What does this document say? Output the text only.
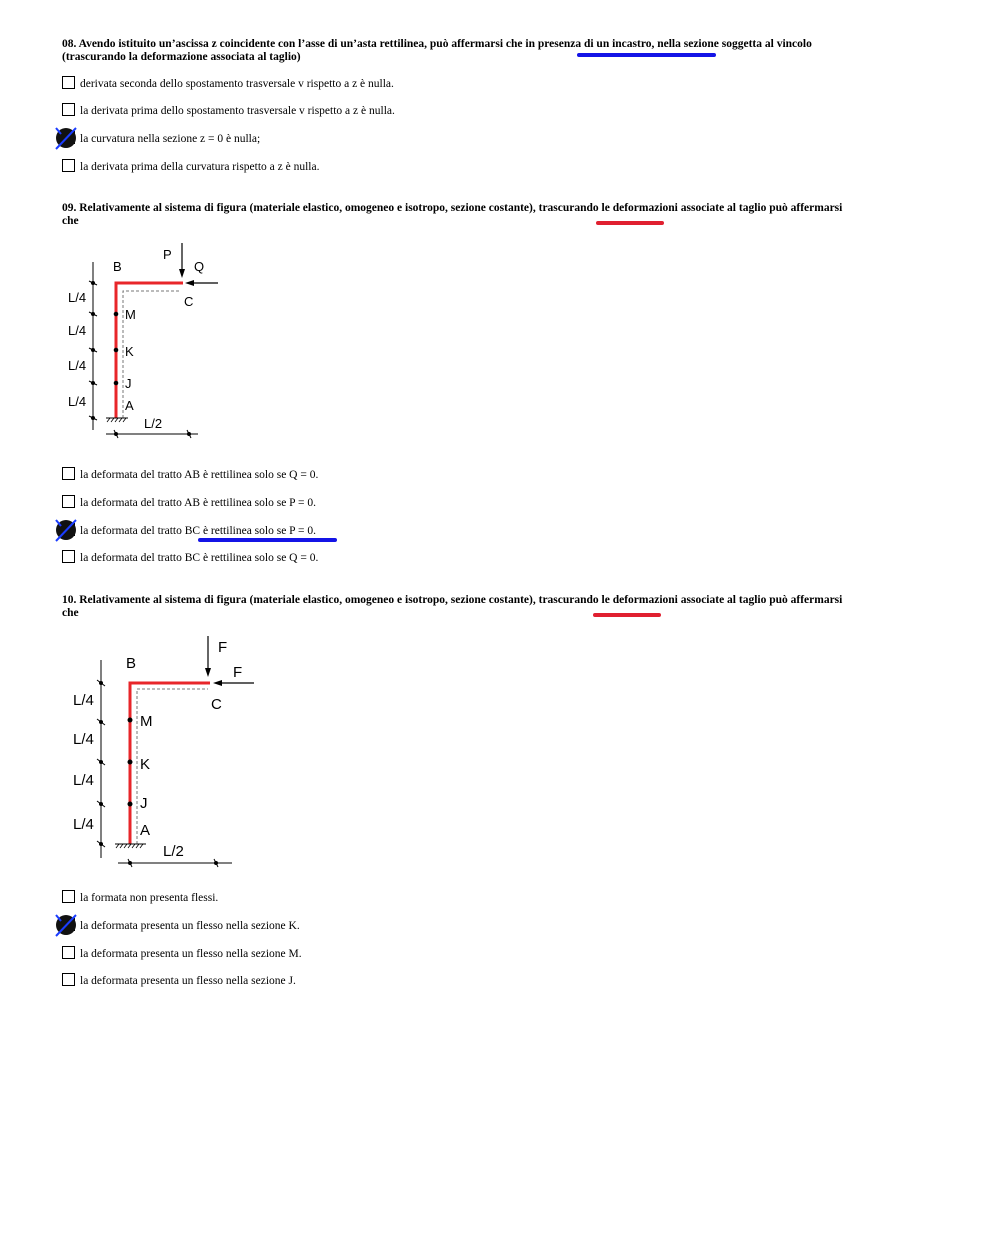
08. Avendo istituito un’ascissa z coincidente con l’asse di un’asta rettilinea, può affermarsi che in presenza di un incastro, nella sezione soggetta al vincolo
(trascurando la deformazione associata al taglio)
derivata seconda dello spostamento trasversale v rispetto a z è nulla.
la derivata prima dello spostamento trasversale v rispetto a z è nulla.
la curvatura nella sezione z = 0 è nulla;
la derivata prima della curvatura rispetto a z è nulla.
09. Relativamente al sistema di figura (materiale elastico, omogeneo e isotropo, sezione costante), trascurando le deformazioni associate al taglio può affermarsi
che
B
P
Q
C
M
K
J
A
L/4
L/4
L/4
L/4
L/2
la deformata del tratto AB è rettilinea solo se Q = 0.
la deformata del tratto AB è rettilinea solo se P = 0.
la deformata del tratto BC è rettilinea solo se P = 0.
la deformata del tratto BC è rettilinea solo se Q = 0.
10. Relativamente al sistema di figura (materiale elastico, omogeneo e isotropo, sezione costante), trascurando le deformazioni associate al taglio può affermarsi
che
B
F
F
C
M
K
J
A
L/4
L/4
L/4
L/4
L/2
la formata non presenta flessi.
la deformata presenta un flesso nella sezione K.
la deformata presenta un flesso nella sezione M.
la deformata presenta un flesso nella sezione J.
